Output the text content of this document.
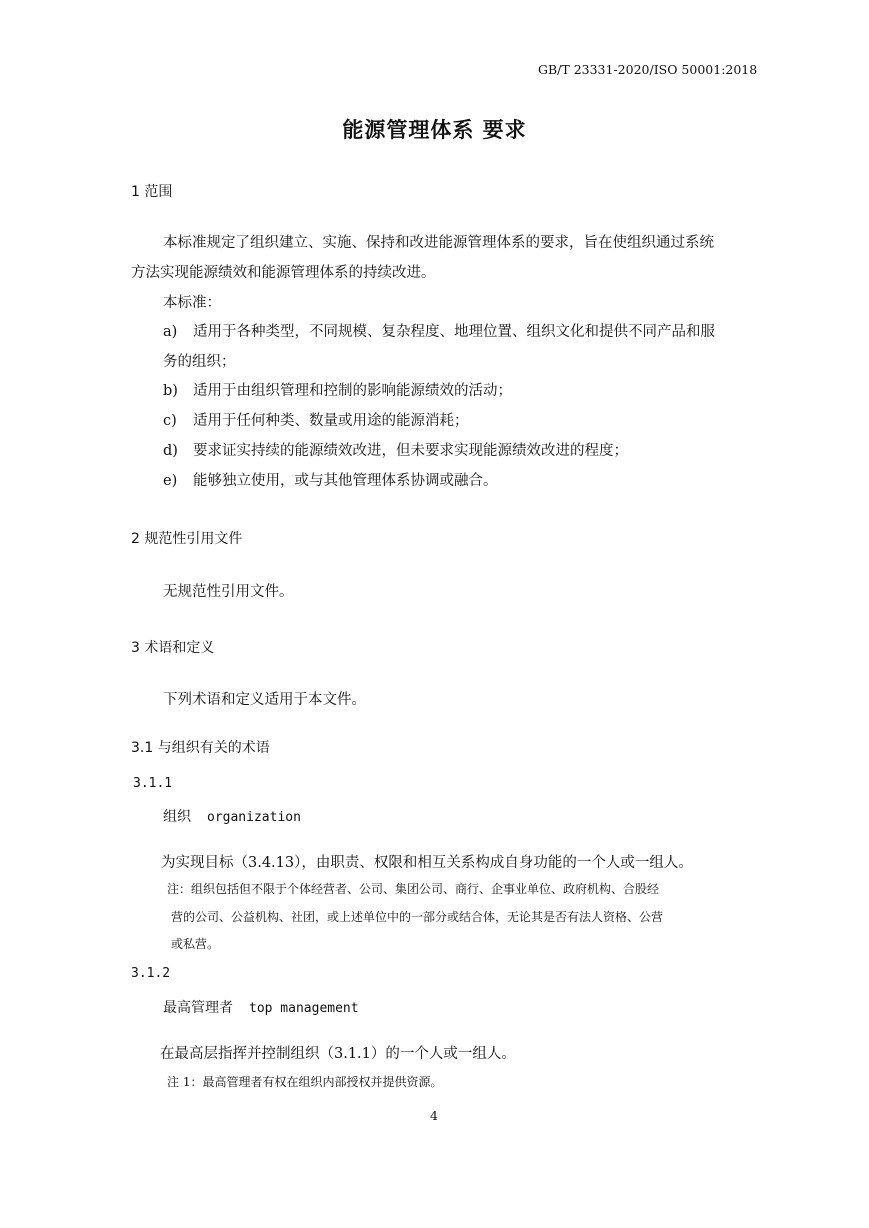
GB/T 23331-2020/ISO 50001:2018
能源管理体系 要求
1 范围
本标准规定了组织建立、实施、保持和改进能源管理体系的要求，旨在使组织通过系统
方法实现能源绩效和能源管理体系的持续改进。
本标准：
a) 适用于各种类型，不同规模、复杂程度、地理位置、组织文化和提供不同产品和服
务的组织；
b) 适用于由组织管理和控制的影响能源绩效的活动；
c) 适用于任何种类、数量或用途的能源消耗；
d) 要求证实持续的能源绩效改进，但未要求实现能源绩效改进的程度；
e) 能够独立使用，或与其他管理体系协调或融合。
2 规范性引用文件
无规范性引用文件。
3 术语和定义
下列术语和定义适用于本文件。
3.1 与组织有关的术语
3.1.1
组织 organization
为实现目标（3.4.13），由职责、权限和相互关系构成自身功能的一个人或一组人。
注：组织包括但不限于个体经营者、公司、集团公司、商行、企事业单位、政府机构、合股经
营的公司、公益机构、社团，或上述单位中的一部分或结合体，无论其是否有法人资格、公营
或私营。
3.1.2
最高管理者 top management
在最高层指挥并控制组织（3.1.1）的一个人或一组人。
注 1：最高管理者有权在组织内部授权并提供资源。
4
